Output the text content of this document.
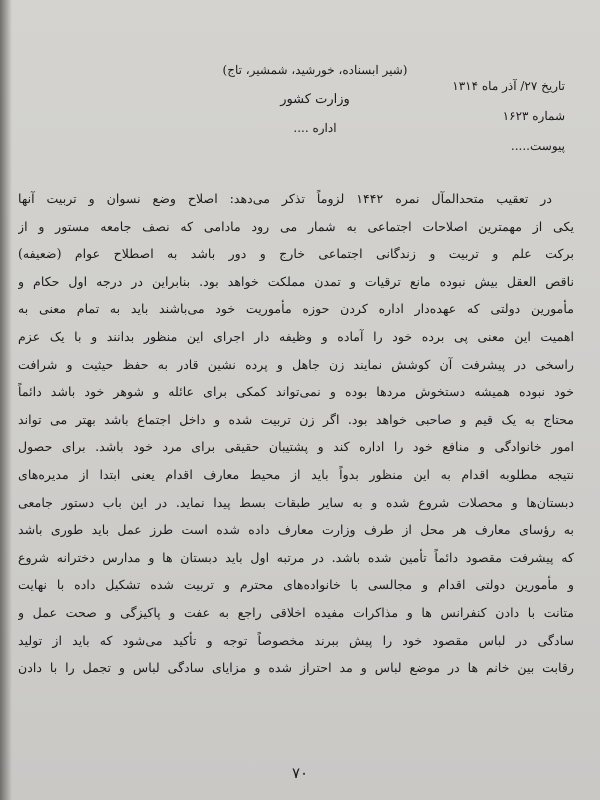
تاریخ ۲۷/ آذر ماه ۱۳۱۴
شماره ۱۶۲۳
پیوست.....
(شیر ابسناده، خورشید، شمشیر، تاج)
وزارت کشور
اداره ....
در تعقیب متحدالمآل نمره ۱۴۴۲ لزوماً تذکر می‌دهد: اصلاح وضع نسوان و تربیت آنها
یکی از مهمترین اصلاحات اجتماعی به شمار می رود مادامی که نصف جامعه مستور و از
برکت علم و تربیت و زندگانی اجتماعی خارج و دور باشد به اصطلاح عوام (ضعیفه)
ناقص العقل بیش نبوده مانع ترقیات و تمدن مملکت خواهد بود. بنابراین در درجه اول حکام و
مأمورین دولتی که عهده‌دار اداره کردن حوزه مأموریت خود می‌باشند باید به تمام معنی به
اهمیت این معنی پی برده خود را آماده و وظیفه دار اجرای این منظور بدانند و با یک عزم
راسخی در پیشرفت آن کوشش نمایند زن جاهل و پرده نشین قادر به حفظ حیثیت و شرافت
خود نبوده همیشه دستخوش مردها بوده و نمی‌تواند کمکی برای عائله و شوهر خود باشد دائماً
محتاج به یک قیم و صاحبی خواهد بود. اگر زن تربیت شده و داخل اجتماع باشد بهتر می تواند
امور خانوادگی و منافع خود را اداره کند و پشتیبان حقیقی برای مرد خود باشد. برای حصول
نتیجه مطلوبه اقدام به این منظور بدواً باید از محیط معارف اقدام یعنی ابتدا از مدیره‌های
دبستان‌ها و محصلات شروع شده و به سایر طبقات بسط پیدا نماید. در این باب دستور جامعی
به رؤسای معارف هر محل از طرف وزارت معارف داده شده است طرز عمل باید طوری باشد
که پیشرفت مقصود دائماً تأمین شده باشد. در مرتبه اول باید دبستان ها و مدارس دخترانه شروع
و مأمورین دولتی اقدام و مجالسی با خانواده‌های محترم و تربیت شده تشکیل داده با نهایت
متانت با دادن کنفرانس ها و مذاکرات مفیده اخلاقی راجع به عفت و پاکیزگی و صحت عمل و
سادگی در لباس مقصود خود را پیش ببرند مخصوصاً توجه و تأکید می‌شود که باید از تولید
رقابت بین خانم ها در موضع لباس و مد احتراز شده و مزایای سادگی لباس و تجمل را با دادن
۷۰
